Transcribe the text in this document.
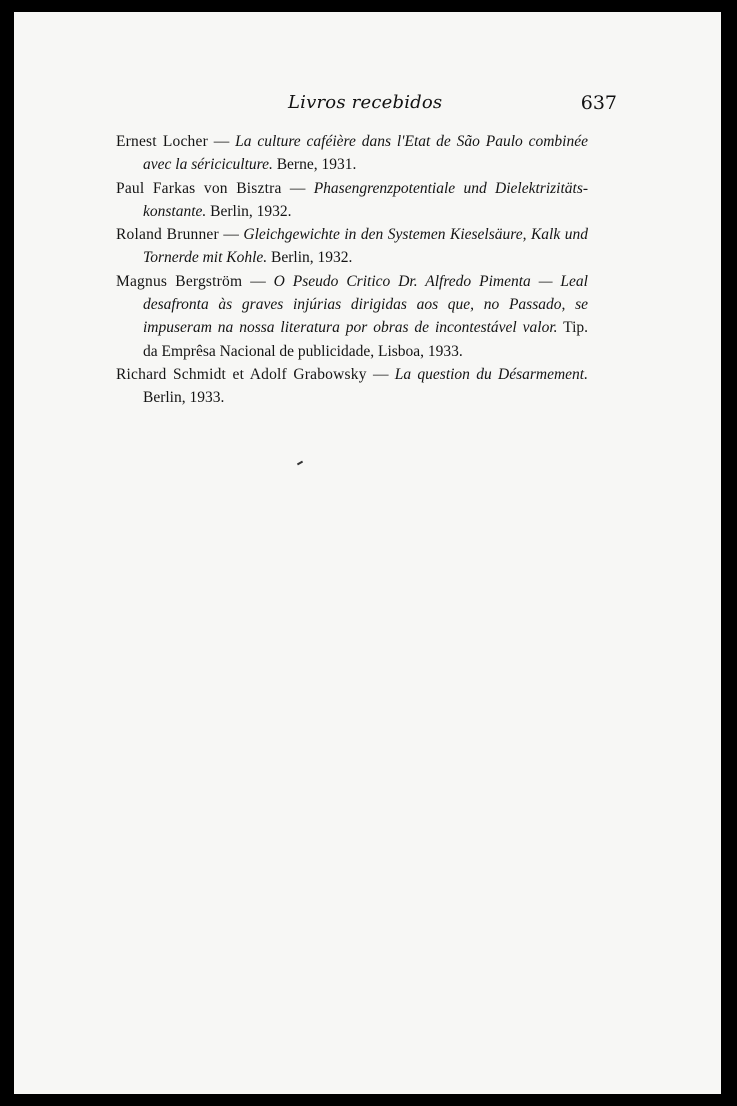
Livros recebidos	637

Ernest Locher — La culture caféière dans l'Etat de São Paulo combinée avec la sériciculture. Berne, 1931.

Paul Farkas von Bisztra — Phasengrenzpotentiale und Dielektrizitäts-konstante. Berlin, 1932.

Roland Brunner — Gleichgewichte in den Systemen Kieselsäure, Kalk und Tornerde mit Kohle. Berlin, 1932.

Magnus Bergström — O Pseudo Critico Dr. Alfredo Pimenta — Leal desafronta às graves injúrias dirigidas aos que, no Passado, se impuseram na nossa literatura por obras de incontestável valor. Tip. da Emprêsa Nacional de publicidade, Lisboa, 1933.

Richard Schmidt et Adolf Grabowsky — La question du Désarmement. Berlin, 1933.
